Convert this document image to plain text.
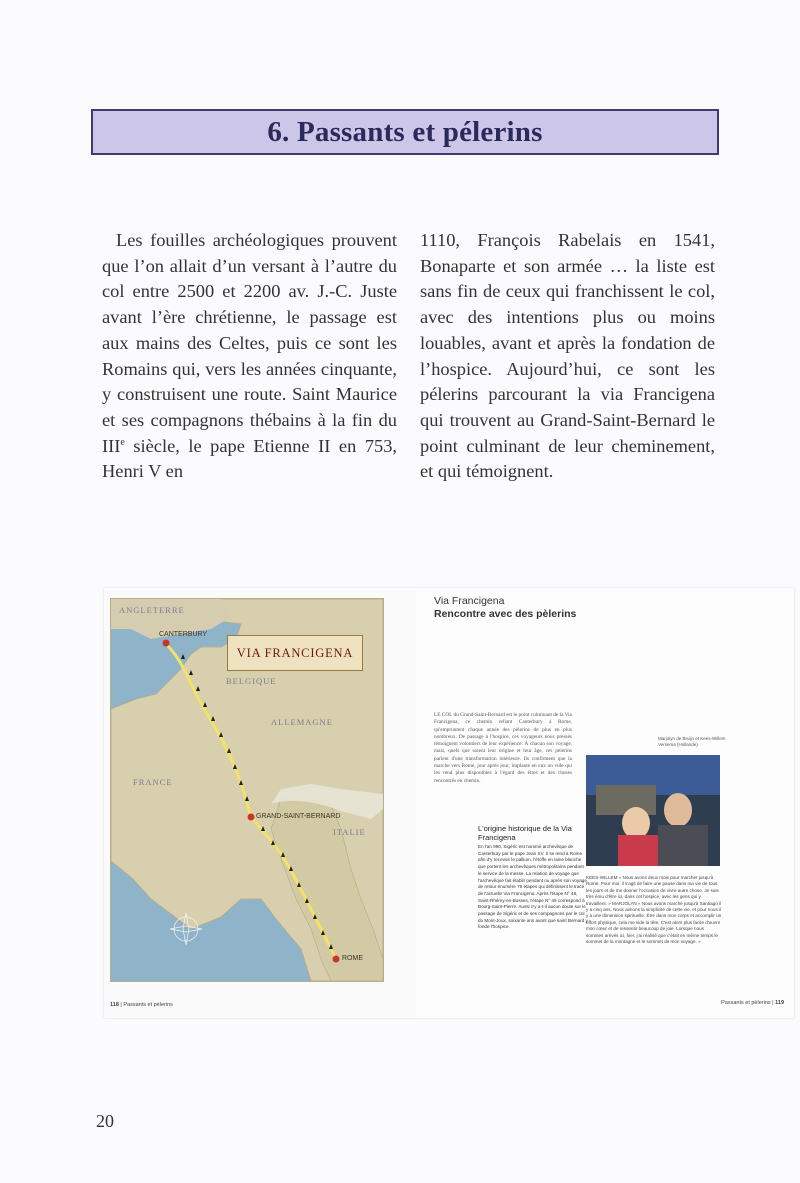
6. Passants et pélerins

Les fouilles archéologiques prouvent que l’on allait d’un versant à l’autre du col entre 2500 et 2200 av. J.-C. Juste avant l’ère chrétienne, le passage est aux mains des Celtes, puis ce sont les Romains qui, vers les années cinquante, y construisent une route. Saint Maurice et ses compagnons thébains à la fin du IIIe siècle, le pape Etienne II en 753, Henri V en

1110, François Rabelais en 1541, Bonaparte et son armée … la liste est sans fin de ceux qui franchissent le col, avec des intentions plus ou moins louables, avant et après la fondation de l’hospice. Aujourd’hui, ce sont les pélerins parcourant la via Francigena qui trouvent au Grand-Saint-Bernard le point culminant de leur cheminement, et qui témoignent.

VIA FRANCIGENA
ANGLETERRE
CANTERBURY
BELGIQUE
ALLEMAGNE
FRANCE
ITALIE
GRAND-SAINT-BERNARD
ROME
118 | Passants et pèlerins
Via Francigena
Rencontre avec des pèlerins
LE COL du Grand-Saint-Bernard est le point culminant de la Via Francigena, ce chemin reliant Canterbury à Rome, qu'empruntent chaque année des pèlerins de plus en plus nombreux. De passage à l'hospice, ces voyageurs nous pressés témoignent volontiers de leur expérience. À chacun son voyage, mais, quels que soient leur origine et leur âge, ces pèlerins parlent d'une transformation intérieure. Ils confirment que la marche vers Rome, jour après jour, implante en eux un vide qui les rend plus disponibles à l'égard des êtres et des choses rencontrés en chemin.
Marjolyn de Bruijn et Kees-Willem Versema (Hollande).
L'origine historique de la Via Francigena
En l'an 990, Sigéric est nommé archevêque de Canterbury par le pape Jean XV. Il se rend à Rome afin d'y recevoir le pallium, l'étoffe en laine blanche que portent les archevêques métropolitains pendant le service de la messe. La relation de voyage que l'archevêque fait établir pendant ou après son voyage de retour énumère 79 étapes qui définissent le tracé de l'actuelle Via Francigena. Après l'étape N° 48, Saint-Rhémy-en-Bosses, l'étape N° 49 correspond à Bourg-Saint-Pierre. Aussi n'y a-t-il aucun doute sur le passage de Sigéric et de ses compagnons par le col du Mont-Joux, soixante ans avant que saint Bernard y fonde l'hospice.
KEES-WILLEM « Nous avons deux mois pour marcher jusqu'à Rome. Pour moi, il s'agit de faire une pause dans ma vie de tous les jours et de me donner l'occasion de vivre autre chose. Je suis très ému d'être ici, dans cet hospice, avec les gens qui y travaillent. » MARJOLYN « Nous avons marché jusqu'à Santiago il y a cinq ans. Nous aimons la simplicité de cette vie, et pour nous il y a une dimension spirituelle. Être dans mon corps et accomplir un effort physique, cela me vide la tête. C'est alors plus facile d'ouvrir mon cœur et de ressentir beaucoup de joie. Lorsque nous sommes arrivés ici, hier, j'ai réalisé que c'était en même temps le sommet de la montagne et le sommet de mon voyage. »
Passants et pèlerins | 119
20
